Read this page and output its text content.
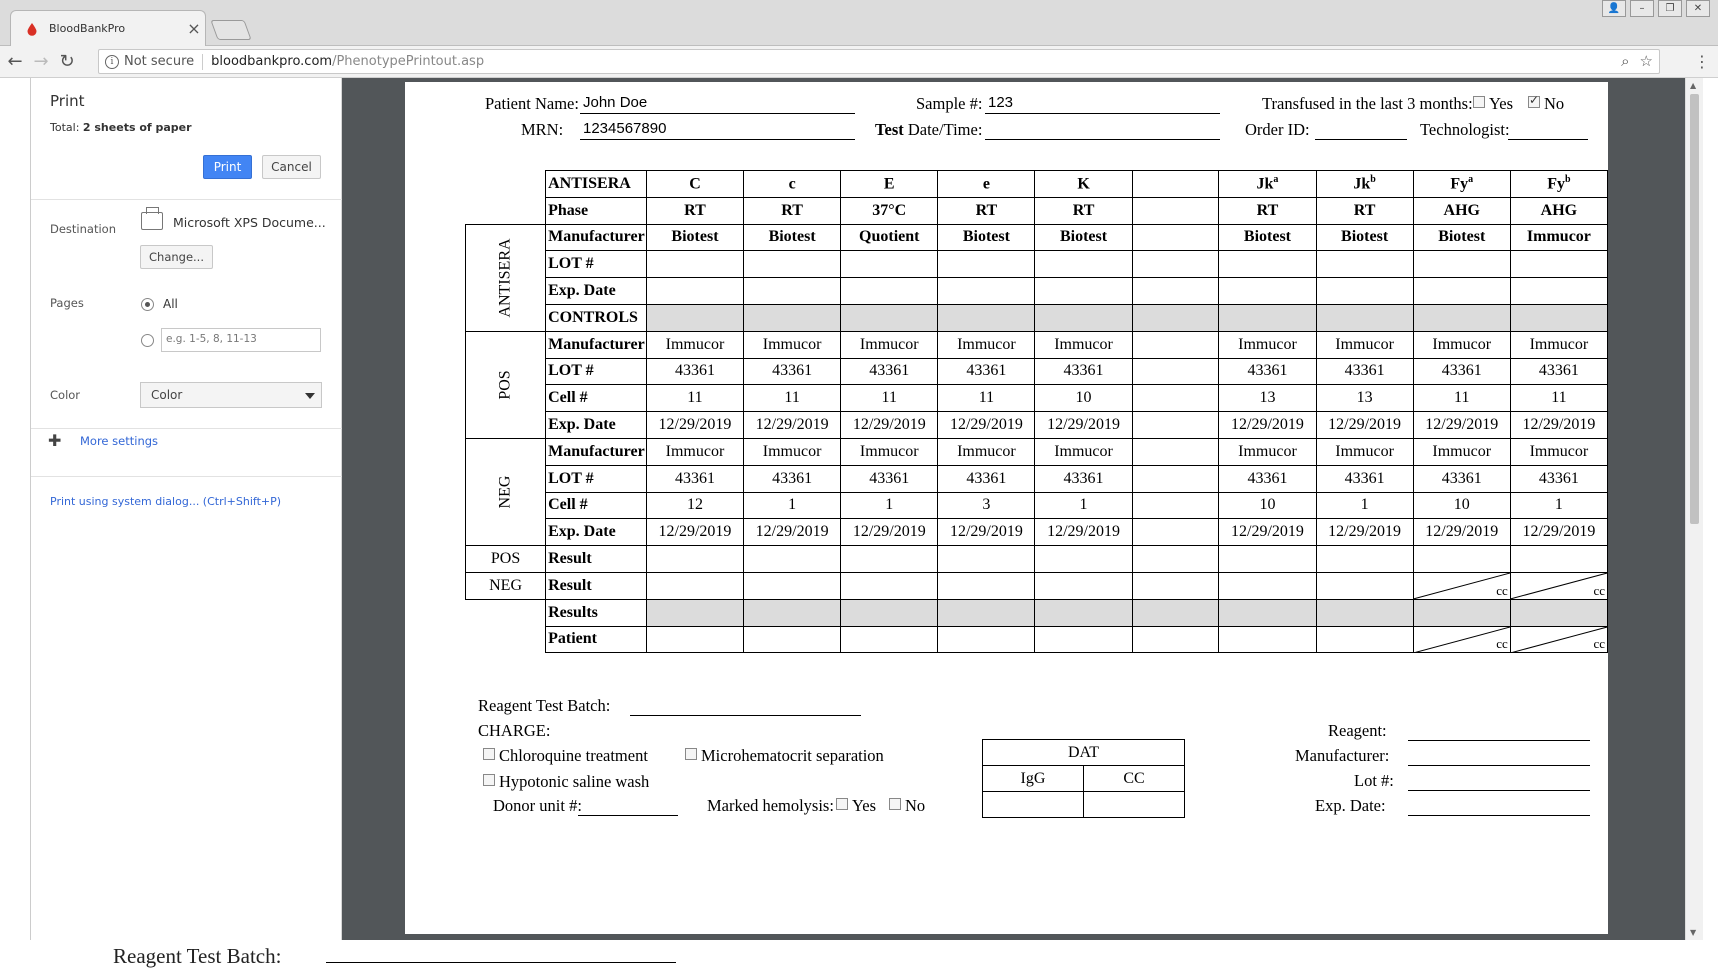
BloodBankPro	×
👤	–	❐	✕
← → ↻	i Not secure bloodbankpro.com /PhenotypePrintout.asp	⌕ ☆	⋮
Print
Total: 2 sheets of paper
Print	Cancel
Destination	Microsoft XPS Docume...
Change...
Pages	All
e.g. 1-5, 8, 11-13
Color	Color
✚ More settings
Print using system dialog... (Ctrl+Shift+P)
▲
▼
Patient Name: John Doe	Sample #: 123	Transfused in the last 3 months: Yes ✓	No
MRN: 1234567890	Test Date/Time:	Order ID:	Technologist:
	ANTISERA	C	c	E	e	K		Jk$^a$	Jk$^b$	Fy$^a$	Fy$^b$
	Phase	RT	RT	37°C	RT	RT		RT	RT	AHG	AHG
ANTISERA	Manufacturer	Biotest	Biotest	Quotient	Biotest	Biotest		Biotest	Biotest	Biotest	Immucor
	LOT #										
	Exp. Date										
	CONTROLS										
POS	Manufacturer	Immucor	Immucor	Immucor	Immucor	Immucor		Immucor	Immucor	Immucor	Immucor
	LOT #	43361	43361	43361	43361	43361		43361	43361	43361	43361
	Cell #	11	11	11	11	10		13	13	11	11
	Exp. Date	12/29/2019	12/29/2019	12/29/2019	12/29/2019	12/29/2019		12/29/2019	12/29/2019	12/29/2019	12/29/2019
NEG	Manufacturer	Immucor	Immucor	Immucor	Immucor	Immucor		Immucor	Immucor	Immucor	Immucor
	LOT #	43361	43361	43361	43361	43361		43361	43361	43361	43361
	Cell #	12	1	1	3	1		10	1	10	1
	Exp. Date	12/29/2019	12/29/2019	12/29/2019	12/29/2019	12/29/2019		12/29/2019	12/29/2019	12/29/2019	12/29/2019
POS	Result										
NEG	Result									cc	cc

	Results										
	Patient									cc	cc
Reagent Test Batch:
CHARGE:
Chloroquine treatment	Microhematocrit separation
Hypotonic saline wash
Donor unit #:	Marked hemolysis:	Yes	No
DAT	
IgG	CC

Reagent:
Manufacturer:
Lot #:
Exp. Date:
Reagent Test Batch:
